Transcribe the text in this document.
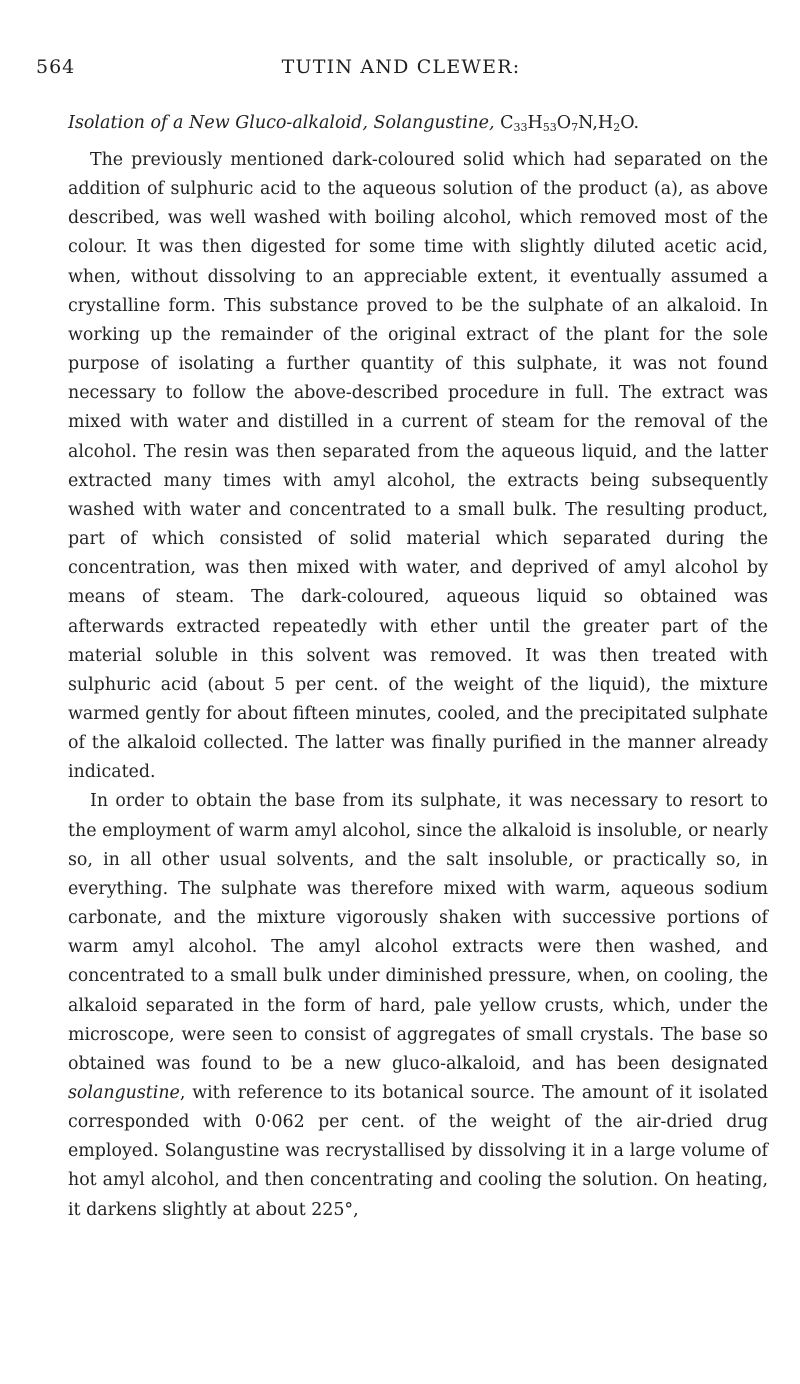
564	TUTIN AND CLEWER:
Isolation of a New Gluco-alkaloid, Solangustine, $C_{33}H_{53}O_7N,H_2O$.

The previously mentioned dark-coloured solid which had separated on the addition of sulphuric acid to the aqueous solution of the product (a), as above described, was well washed with boiling alcohol, which removed most of the colour. It was then digested for some time with slightly diluted acetic acid, when, without dissolving to an appreciable extent, it eventually assumed a crystalline form. This substance proved to be the sulphate of an alkaloid. In working up the remainder of the original extract of the plant for the sole purpose of isolating a further quantity of this sulphate, it was not found necessary to follow the above-described procedure in full. The extract was mixed with water and distilled in a current of steam for the removal of the alcohol. The resin was then separated from the aqueous liquid, and the latter extracted many times with amyl alcohol, the extracts being subsequently washed with water and concentrated to a small bulk. The resulting product, part of which consisted of solid material which separated during the concentration, was then mixed with water, and deprived of amyl alcohol by means of steam. The dark-coloured, aqueous liquid so obtained was afterwards extracted repeatedly with ether until the greater part of the material soluble in this solvent was removed. It was then treated with sulphuric acid (about 5 per cent. of the weight of the liquid), the mixture warmed gently for about fifteen minutes, cooled, and the precipitated sulphate of the alkaloid collected. The latter was finally purified in the manner already indicated.

In order to obtain the base from its sulphate, it was necessary to resort to the employment of warm amyl alcohol, since the alkaloid is insoluble, or nearly so, in all other usual solvents, and the salt insoluble, or practically so, in everything. The sulphate was therefore mixed with warm, aqueous sodium carbonate, and the mixture vigorously shaken with successive portions of warm amyl alcohol. The amyl alcohol extracts were then washed, and concentrated to a small bulk under diminished pressure, when, on cooling, the alkaloid separated in the form of hard, pale yellow crusts, which, under the microscope, were seen to consist of aggregates of small crystals. The base so obtained was found to be a new gluco-alkaloid, and has been designated solangustine, with reference to its botanical source. The amount of it isolated corresponded with 0·062 per cent. of the weight of the air-dried drug employed. Solangustine was recrystallised by dissolving it in a large volume of hot amyl alcohol, and then concentrating and cooling the solution. On heating, it darkens slightly at about 225°,
